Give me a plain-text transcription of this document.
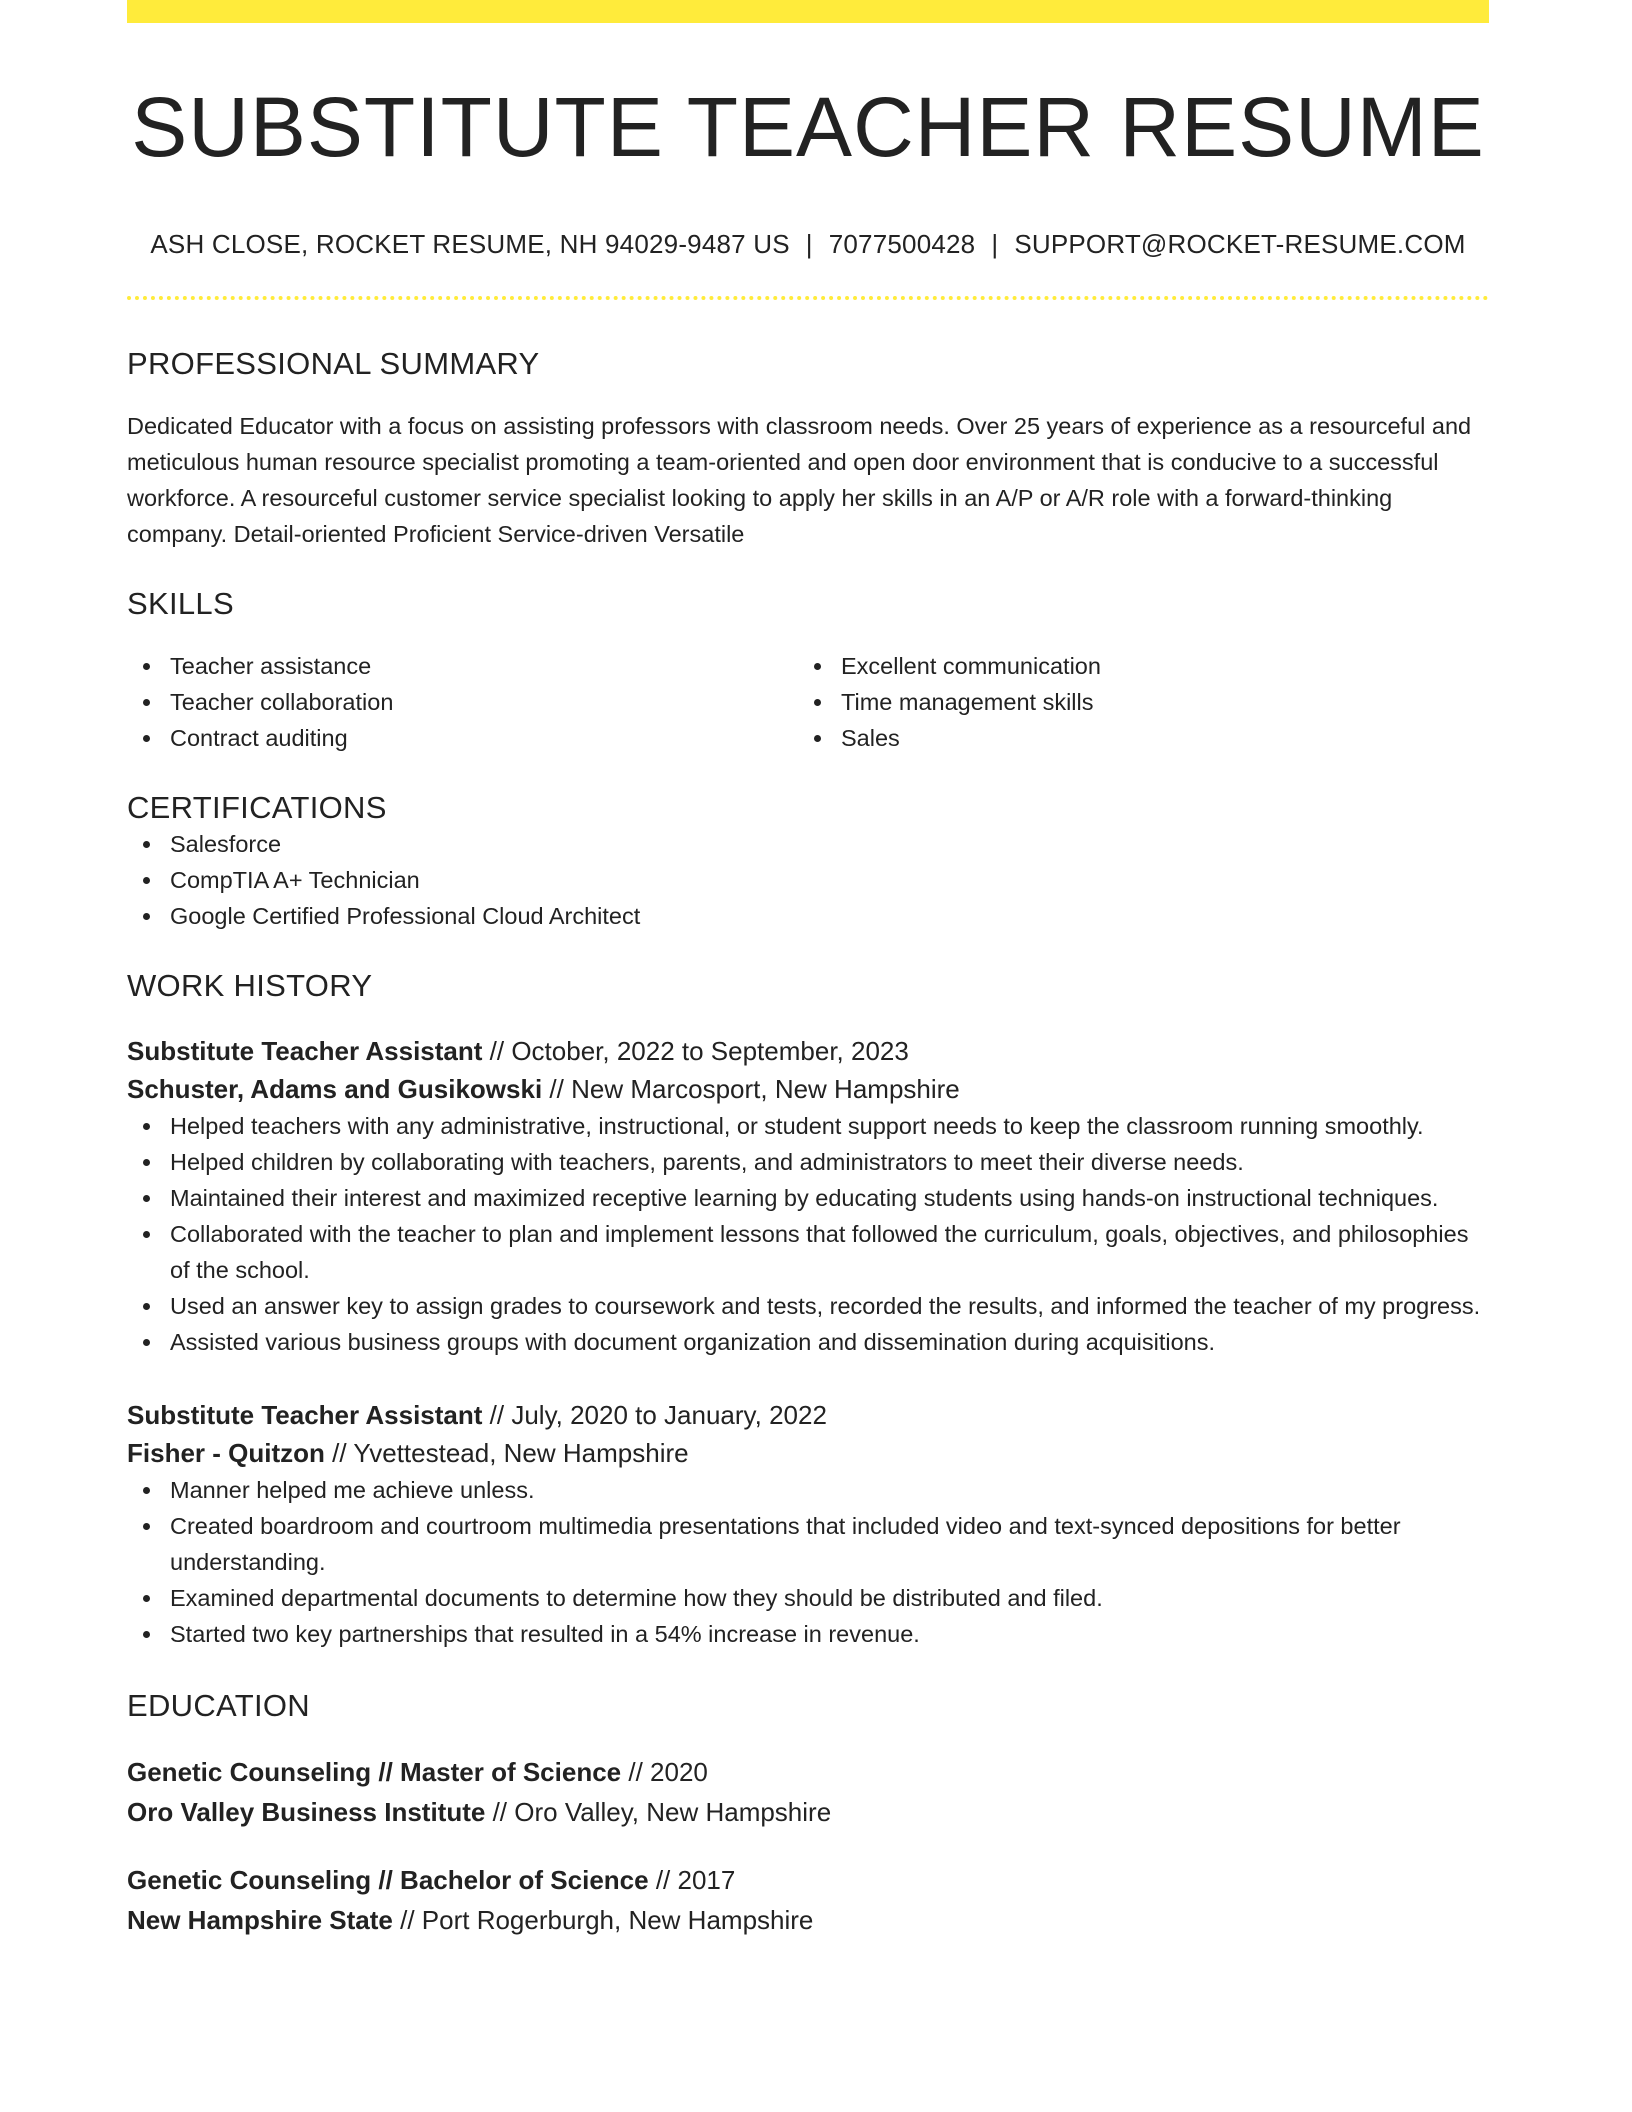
SUBSTITUTE TEACHER RESUME
ASH CLOSE, ROCKET RESUME, NH 94029-9487 US | 7077500428 | SUPPORT@ROCKET-RESUME.COM
PROFESSIONAL SUMMARY
Dedicated Educator with a focus on assisting professors with classroom needs. Over 25 years of experience as a resourceful and meticulous human resource specialist promoting a team-oriented and open door environment that is conducive to a successful workforce. A resourceful customer service specialist looking to apply her skills in an A/P or A/R role with a forward-thinking company. Detail-oriented Proficient Service-driven Versatile
SKILLS
Teacher assistance
Teacher collaboration
Contract auditing
Excellent communication
Time management skills
Sales
CERTIFICATIONS
Salesforce
CompTIA A+ Technician
Google Certified Professional Cloud Architect
WORK HISTORY
Substitute Teacher Assistant // October, 2022 to September, 2023
Schuster, Adams and Gusikowski // New Marcosport, New Hampshire
Helped teachers with any administrative, instructional, or student support needs to keep the classroom running smoothly.
Helped children by collaborating with teachers, parents, and administrators to meet their diverse needs.
Maintained their interest and maximized receptive learning by educating students using hands-on instructional techniques.
Collaborated with the teacher to plan and implement lessons that followed the curriculum, goals, objectives, and philosophies of the school.
Used an answer key to assign grades to coursework and tests, recorded the results, and informed the teacher of my progress.
Assisted various business groups with document organization and dissemination during acquisitions.
Substitute Teacher Assistant // July, 2020 to January, 2022
Fisher - Quitzon // Yvettestead, New Hampshire
Manner helped me achieve unless.
Created boardroom and courtroom multimedia presentations that included video and text-synced depositions for better understanding.
Examined departmental documents to determine how they should be distributed and filed.
Started two key partnerships that resulted in a 54% increase in revenue.
EDUCATION
Genetic Counseling // Master of Science // 2020
Oro Valley Business Institute // Oro Valley, New Hampshire
Genetic Counseling // Bachelor of Science // 2017
New Hampshire State // Port Rogerburgh, New Hampshire
